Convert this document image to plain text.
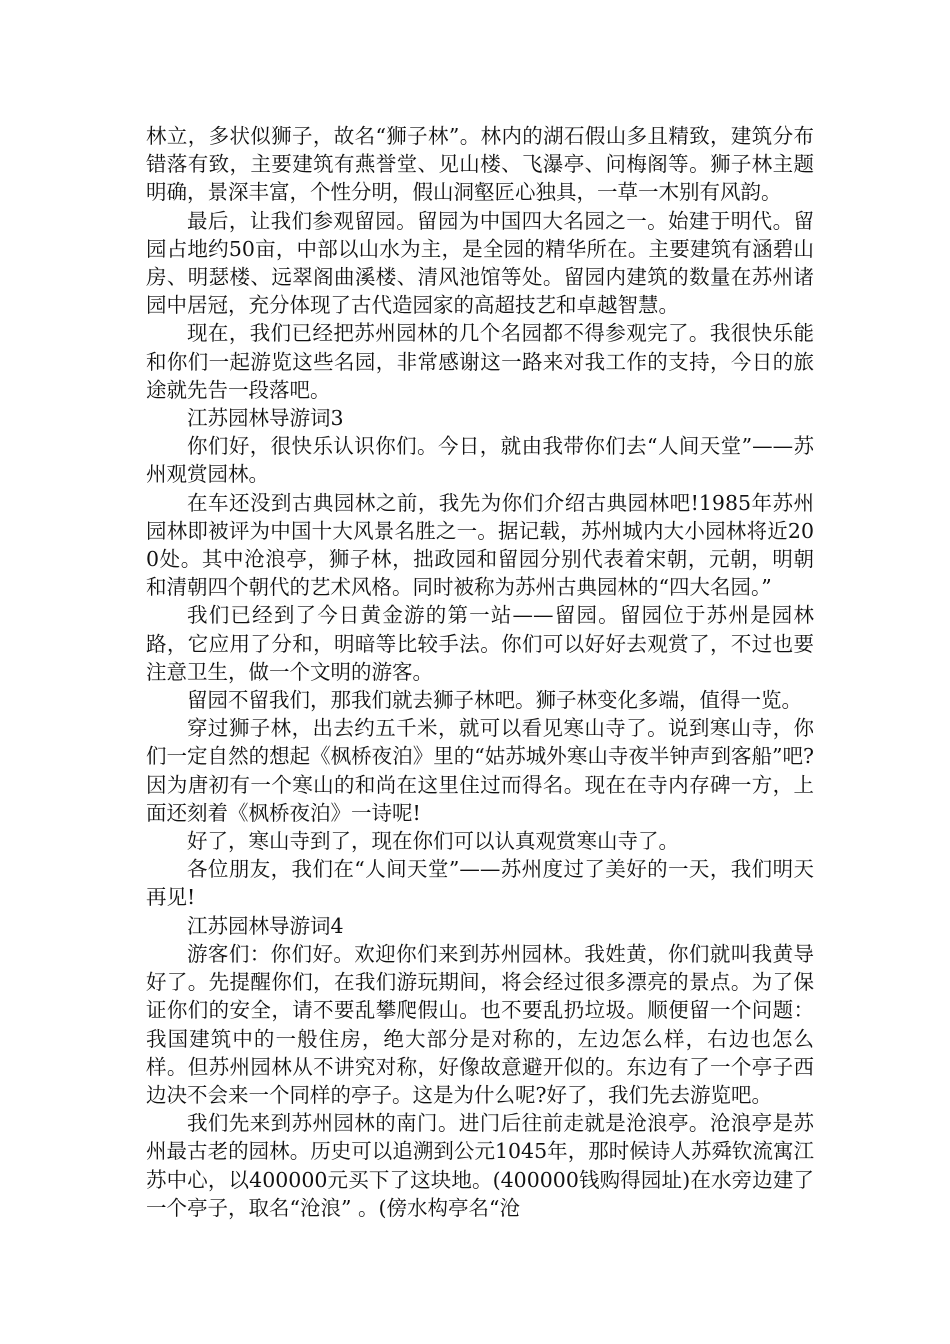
林立，多状似狮子，故名“狮子林”。林内的湖石假山多且精致，建筑分布错落有致，主要建筑有燕誉堂、见山楼、飞瀑亭、问梅阁等。狮子林主题明确，景深丰富，个性分明，假山洞壑匠心独具，一草一木别有风韵。

最后，让我们参观留园。留园为中国四大名园之一。始建于明代。留园占地约50亩，中部以山水为主，是全园的精华所在。主要建筑有涵碧山房、明瑟楼、远翠阁曲溪楼、清风池馆等处。留园内建筑的数量在苏州诸园中居冠，充分体现了古代造园家的高超技艺和卓越智慧。

现在，我们已经把苏州园林的几个名园都不得参观完了。我很快乐能和你们一起游览这些名园，非常感谢这一路来对我工作的支持，今日的旅途就先告一段落吧。

江苏园林导游词3

你们好，很快乐认识你们。今日，就由我带你们去“人间天堂”——苏州观赏园林。

在车还没到古典园林之前，我先为你们介绍古典园林吧!1985年苏州园林即被评为中国十大风景名胜之一。据记载，苏州城内大小园林将近200处。其中沧浪亭，狮子林，拙政园和留园分别代表着宋朝，元朝，明朝和清朝四个朝代的艺术风格。同时被称为苏州古典园林的“四大名园。”

我们已经到了今日黄金游的第一站——留园。留园位于苏州是园林路，它应用了分和，明暗等比较手法。你们可以好好去观赏了，不过也要注意卫生，做一个文明的游客。

留园不留我们，那我们就去狮子林吧。狮子林变化多端，值得一览。

穿过狮子林，出去约五千米，就可以看见寒山寺了。说到寒山寺，你们一定自然的想起《枫桥夜泊》里的“姑苏城外寒山寺夜半钟声到客船”吧?因为唐初有一个寒山的和尚在这里住过而得名。现在在寺内存碑一方，上面还刻着《枫桥夜泊》一诗呢!

好了，寒山寺到了，现在你们可以认真观赏寒山寺了。

各位朋友，我们在“人间天堂”——苏州度过了美好的一天，我们明天再见!

江苏园林导游词4

游客们：你们好。欢迎你们来到苏州园林。我姓黄，你们就叫我黄导好了。先提醒你们，在我们游玩期间，将会经过很多漂亮的景点。为了保证你们的安全，请不要乱攀爬假山。也不要乱扔垃圾。顺便留一个问题：我国建筑中的一般住房，绝大部分是对称的，左边怎么样，右边也怎么样。但苏州园林从不讲究对称，好像故意避开似的。东边有了一个亭子西边决不会来一个同样的亭子。这是为什么呢?好了，我们先去游览吧。

我们先来到苏州园林的南门。进门后往前走就是沧浪亭。沧浪亭是苏州最古老的园林。历史可以追溯到公元1045年，那时候诗人苏舜钦流寓江苏中心，以400000元买下了这块地。(400000钱购得园址)在水旁边建了一个亭子，取名“沧浪” 。(傍水构亭名“沧
